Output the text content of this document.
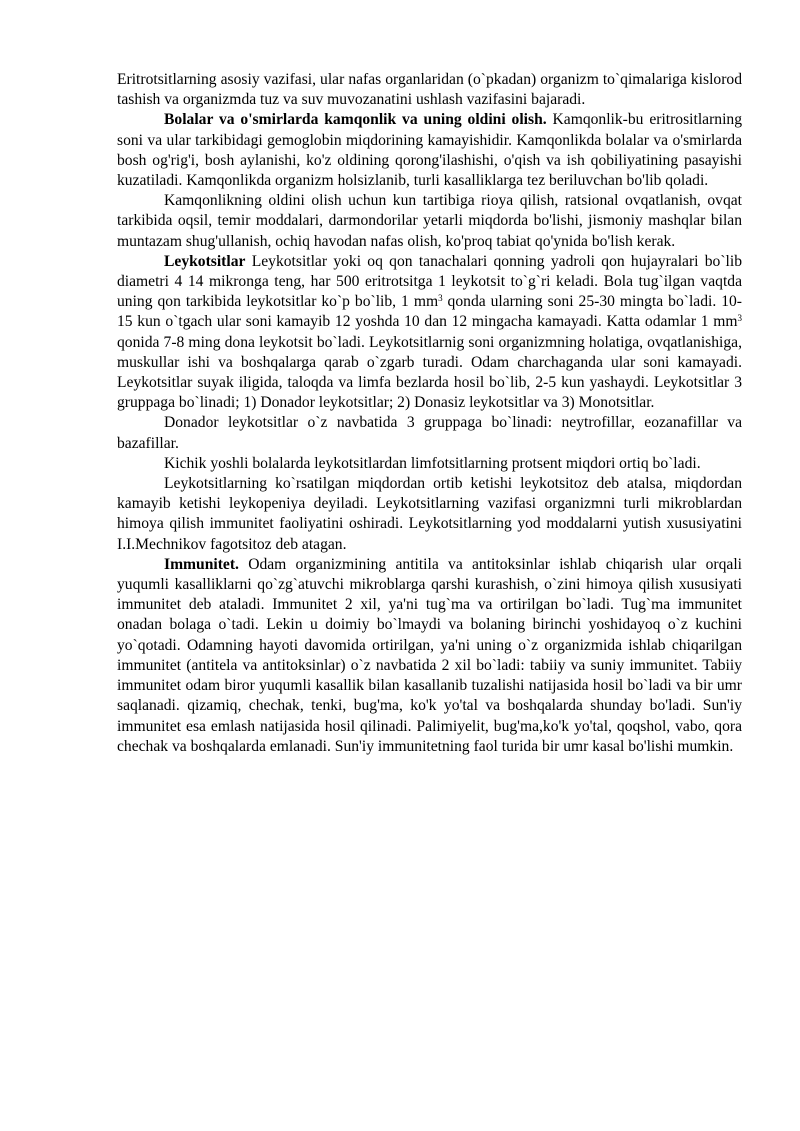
Eritrotsitlarning asosiy vazifasi, ular nafas organlaridan (o`pkadan) organizm to`qimalariga kislorod tashish va organizmda tuz va suv muvozanatini ushlash vazifasini bajaradi.

Bolalar va o'smirlarda kamqonlik va uning oldini olish. Kamqonlik-bu eritrositlarning soni va ular tarkibidagi gemoglobin miqdorining kamayishidir. Kamqonlikda bolalar va o'smirlarda bosh og'rig'i, bosh aylanishi, ko'z oldining qorong'ilashishi, o'qish va ish qobiliyatining pasayishi kuzatiladi. Kamqonlikda organizm holsizlanib, turli kasalliklarga tez beriluvchan bo'lib qoladi.

Kamqonlikning oldini olish uchun kun tartibiga rioya qilish, ratsional ovqatlanish, ovqat tarkibida oqsil, temir moddalari, darmondorilar yetarli miqdorda bo'lishi, jismoniy mashqlar bilan muntazam shug'ullanish, ochiq havodan nafas olish, ko'proq tabiat qo'ynida bo'lish kerak.

Leykotsitlar Leykotsitlar yoki oq qon tanachalari qonning yadroli qon hujayralari bo`lib diametri 4 14 mikronga teng, har 500 eritrotsitga 1 leykotsit to`g`ri keladi. Bola tug`ilgan vaqtda uning qon tarkibida leykotsitlar ko`p bo`lib, 1 $mm^3$ qonda ularning soni 25-30 mingta bo`ladi. 10-15 kun o`tgach ular soni kamayib 12 yoshda 10 dan 12 mingacha kamayadi. Katta odamlar 1 $mm^3$ qonida 7-8 ming dona leykotsit bo`ladi. Leykotsitlarnig soni organizmning holatiga, ovqatlanishiga, muskullar ishi va boshqalarga qarab o`zgarb turadi. Odam charchaganda ular soni kamayadi. Leykotsitlar suyak iligida, taloqda va limfa bezlarda hosil bo`lib, 2-5 kun yashaydi. Leykotsitlar 3 gruppaga bo`linadi; 1) Donador leykotsitlar; 2) Donasiz leykotsitlar va 3) Monotsitlar.

Donador leykotsitlar o`z navbatida 3 gruppaga bo`linadi: neytrofillar, eozanafillar va bazafillar.

Kichik yoshli bolalarda leykotsitlardan limfotsitlarning protsent miqdori ortiq bo`ladi.

Leykotsitlarning ko`rsatilgan miqdordan ortib ketishi leykotsitoz deb atalsa, miqdordan kamayib ketishi leykopeniya deyiladi. Leykotsitlarning vazifasi organizmni turli mikroblardan himoya qilish immunitet faoliyatini oshiradi. Leykotsitlarning yod moddalarni yutish xususiyatini I.I.Mechnikov fagotsitoz deb atagan.

Immunitet. Odam organizmining antitila va antitoksinlar ishlab chiqarish ular orqali yuqumli kasalliklarni qo`zg`atuvchi mikroblarga qarshi kurashish, o`zini himoya qilish xususiyati immunitet deb ataladi. Immunitet 2 xil, ya'ni tug`ma va ortirilgan bo`ladi. Tug`ma immunitet onadan bolaga o`tadi. Lekin u doimiy bo`lmaydi va bolaning birinchi yoshidayoq o`z kuchini yo`qotadi. Odamning hayoti davomida ortirilgan, ya'ni uning o`z organizmida ishlab chiqarilgan immunitet (antitela va antitoksinlar) o`z navbatida 2 xil bo`ladi: tabiiy va suniy immunitet. Tabiiy immunitet odam biror yuqumli kasallik bilan kasallanib tuzalishi natijasida hosil bo`ladi va bir umr saqlanadi. qizamiq, chechak, tenki, bug'ma, ko'k yo'tal va boshqalarda shunday bo'ladi. Sun'iy immunitet esa emlash natijasida hosil qilinadi. Palimiyelit, bug'ma,ko'k yo'tal, qoqshol, vabo, qora chechak va boshqalarda emlanadi. Sun'iy immunitetning faol turida bir umr kasal bo'lishi mumkin.
